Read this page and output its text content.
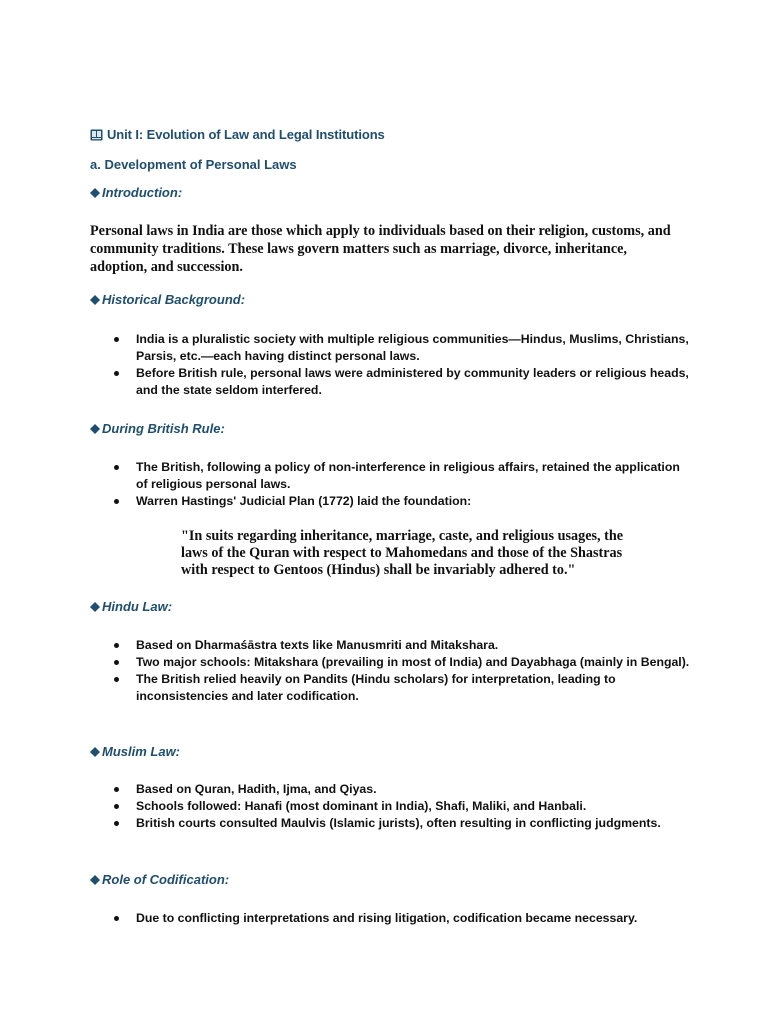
Unit I: Evolution of Law and Legal Institutions
a. Development of Personal Laws
Introduction:
Personal laws in India are those which apply to individuals based on their religion, customs, and community traditions. These laws govern matters such as marriage, divorce, inheritance, adoption, and succession.
Historical Background:
India is a pluralistic society with multiple religious communities—Hindus, Muslims, Christians, Parsis, etc.—each having distinct personal laws.
Before British rule, personal laws were administered by community leaders or religious heads, and the state seldom interfered.
During British Rule:
The British, following a policy of non-interference in religious affairs, retained the application of religious personal laws.
Warren Hastings' Judicial Plan (1772) laid the foundation:
"In suits regarding inheritance, marriage, caste, and religious usages, the laws of the Quran with respect to Mahomedans and those of the Shastras with respect to Gentoos (Hindus) shall be invariably adhered to."
Hindu Law:
Based on Dharmaśāstra texts like Manusmriti and Mitakshara.
Two major schools: Mitakshara (prevailing in most of India) and Dayabhaga (mainly in Bengal).
The British relied heavily on Pandits (Hindu scholars) for interpretation, leading to inconsistencies and later codification.
Muslim Law:
Based on Quran, Hadith, Ijma, and Qiyas.
Schools followed: Hanafi (most dominant in India), Shafi, Maliki, and Hanbali.
British courts consulted Maulvis (Islamic jurists), often resulting in conflicting judgments.
Role of Codification:
Due to conflicting interpretations and rising litigation, codification became necessary.
